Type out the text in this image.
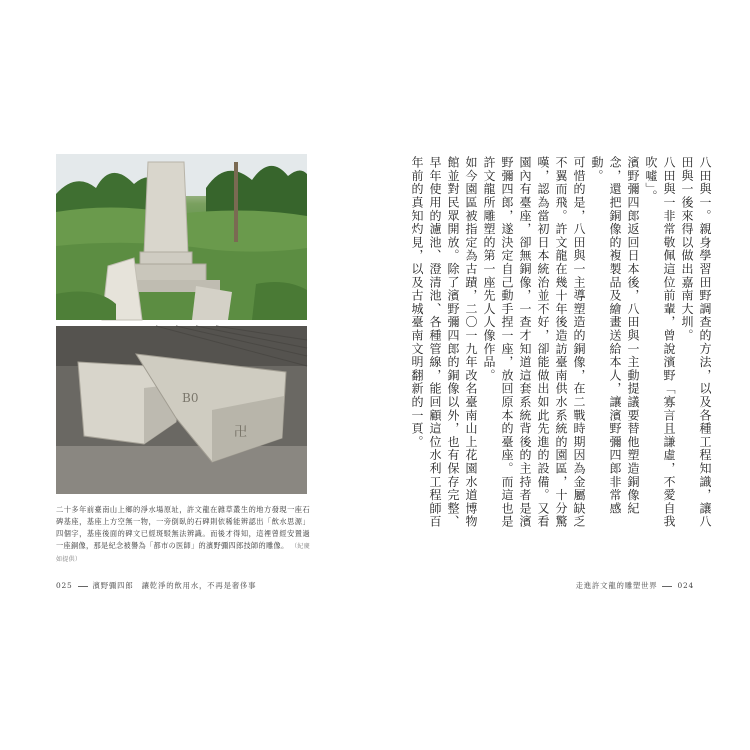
卍
B0
二十多年前臺南山上鄉的淨水場原址，許文龍在雜草叢生的地方發現一座石碑基座，基座上方空無一物，一旁倒臥的石碑則依稀能辨認出「飲水思源」四個字，基座後面的碑文已經斑駁無法辨識。而後才得知，這裡曾經安置過一座銅像，那是紀念被譽為「都市の医師」的濱野彌四郎技師的雕像。 （紀慶如提供）

八田與一。親身學習田野調查的方法，以及各種工程知識，讓八田與一後來得以做出嘉南大圳。

八田與一非常敬佩這位前輩，曾說濱野「寡言且謙虛，不愛自我吹噓」。

濱野彌四郎返回日本後，八田與一主動提議要替他塑造銅像紀念，還把銅像的複製品及繪畫送給本人，讓濱野彌四郎非常感動。

可惜的是，八田與一主導塑造的銅像，在二戰時期因為金屬缺乏不翼而飛。許文龍在幾十年後造訪臺南供水系統的園區，十分驚嘆，認為當初日本統治並不好，卻能做出如此先進的設備。又看園內有臺座，卻無銅像，一查才知道這套系統背後的主持者是濱野彌四郎，遂決定自己動手捏一座，放回原本的臺座。而這也是許文龍所雕塑的第一座先人人像作品。

如今園區被指定為古蹟，二〇一九年改名臺南山上花園水道博物館並對民眾開放。除了濱野彌四郎的銅像以外，也有保存完整、早年使用的濾池、澄清池、各種管線，能回顧這位水利工程師百年前的真知灼見，以及古城臺南文明翻新的一頁。

025	濱野彌四郎　讓乾淨的飲用水，不再是奢侈事	走進許文龍的雕塑世界	024
